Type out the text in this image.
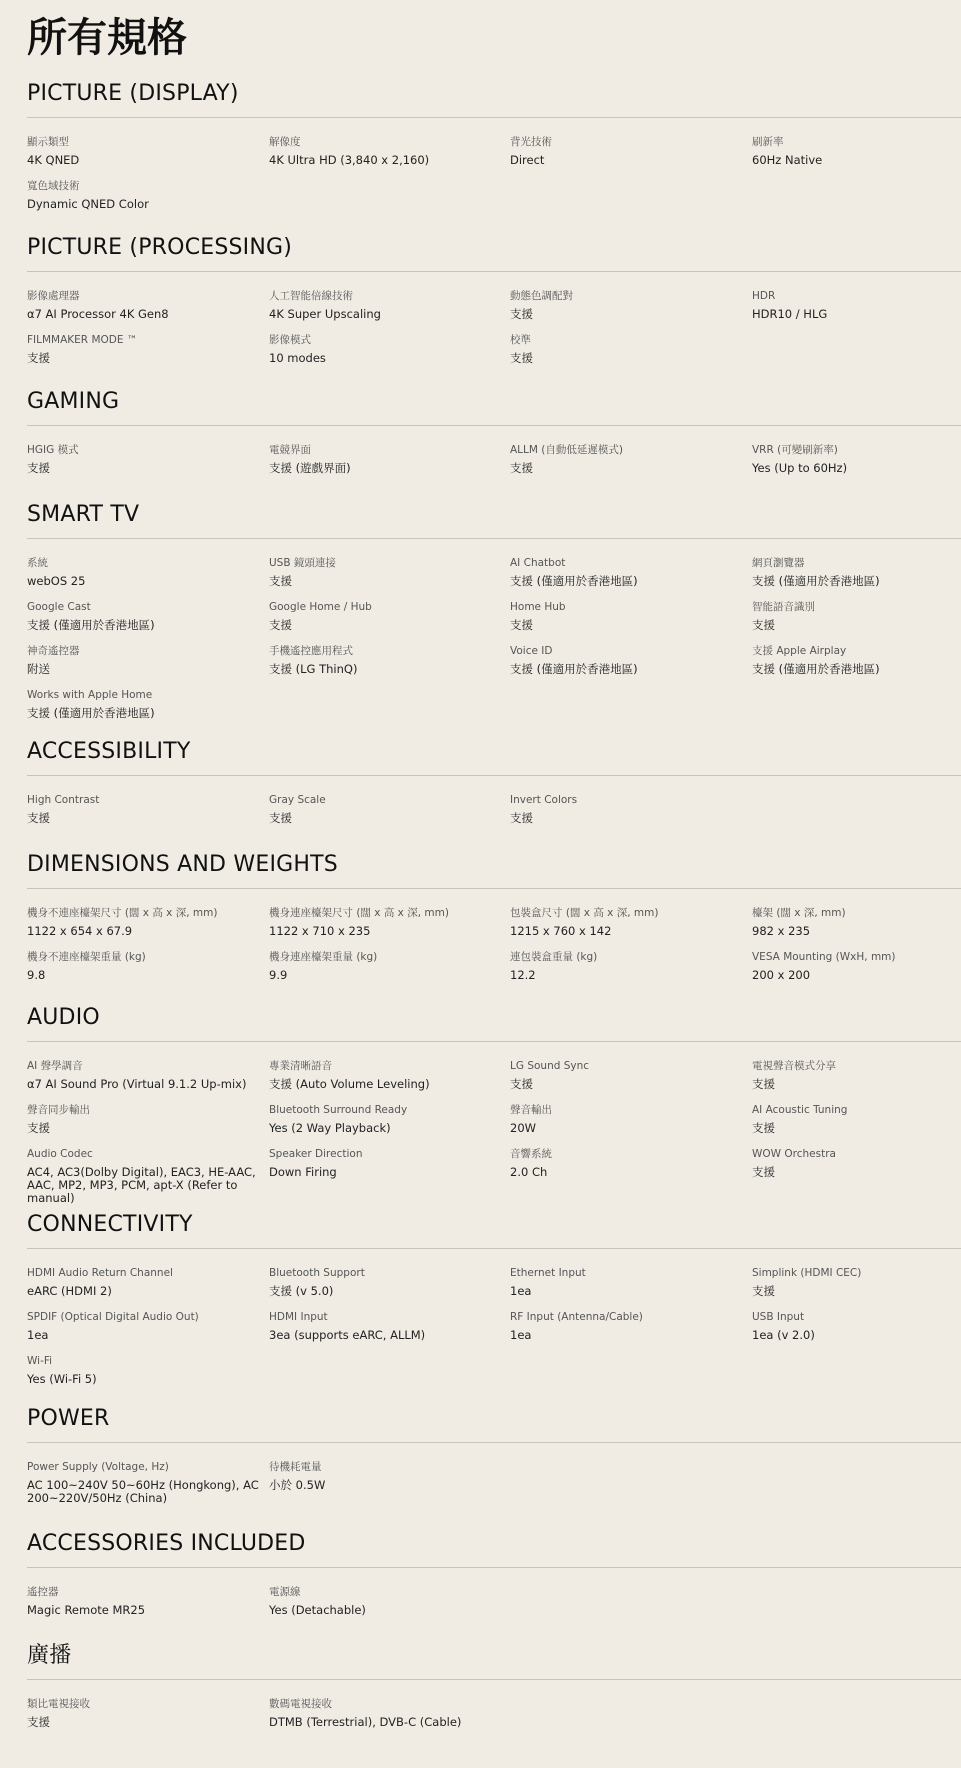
所有規格
PICTURE (DISPLAY)
顯示類型
4K QNED
解像度
4K Ultra HD (3,840 x 2,160)
背光技術
Direct
刷新率
60Hz Native
寬色域技術
Dynamic QNED Color
PICTURE (PROCESSING)
影像處理器
α7 AI Processor 4K Gen8
人工智能倍線技術
4K Super Upscaling
動態色調配對
支援
HDR
HDR10 / HLG
FILMMAKER MODE ™
支援
影像模式
10 modes
校準
支援
GAMING
HGIG 模式
支援
電競界面
支援 (遊戲界面)
ALLM (自動低延遲模式)
支援
VRR (可變刷新率)
Yes (Up to 60Hz)
SMART TV
系統
webOS 25
USB 鏡頭連接
支援
AI Chatbot
支援 (僅適用於香港地區)
網頁瀏覽器
支援 (僅適用於香港地區)
Google Cast
支援 (僅適用於香港地區)
Google Home / Hub
支援
Home Hub
支援
智能語音識別
支援
神奇遙控器
附送
手機遙控應用程式
支援 (LG ThinQ)
Voice ID
支援 (僅適用於香港地區)
支援 Apple Airplay
支援 (僅適用於香港地區)
Works with Apple Home
支援 (僅適用於香港地區)
ACCESSIBILITY
High Contrast
支援
Gray Scale
支援
Invert Colors
支援
DIMENSIONS AND WEIGHTS
機身不連座檯架尺寸 (闊 x 高 x 深, mm)
1122 x 654 x 67.9
機身連座檯架尺寸 (闊 x 高 x 深, mm)
1122 x 710 x 235
包裝盒尺寸 (闊 x 高 x 深, mm)
1215 x 760 x 142
檯架 (闊 x 深, mm)
982 x 235
機身不連座檯架重量 (kg)
9.8
機身連座檯架重量 (kg)
9.9
連包裝盒重量 (kg)
12.2
VESA Mounting (WxH, mm)
200 x 200
AUDIO
AI 聲學調音
α7 AI Sound Pro (Virtual 9.1.2 Up-mix)
專業清晰語音
支援 (Auto Volume Leveling)
LG Sound Sync
支援
電視聲音模式分享
支援
聲音同步輸出
支援
Bluetooth Surround Ready
Yes (2 Way Playback)
聲音輸出
20W
AI Acoustic Tuning
支援
Audio Codec
AC4, AC3(Dolby Digital), EAC3, HE-AAC, AAC, MP2, MP3, PCM, apt-X (Refer to manual)
Speaker Direction
Down Firing
音響系統
2.0 Ch
WOW Orchestra
支援
CONNECTIVITY
HDMI Audio Return Channel
eARC (HDMI 2)
Bluetooth Support
支援 (v 5.0)
Ethernet Input
1ea
Simplink (HDMI CEC)
支援
SPDIF (Optical Digital Audio Out)
1ea
HDMI Input
3ea (supports eARC, ALLM)
RF Input (Antenna/Cable)
1ea
USB Input
1ea (v 2.0)
Wi-Fi
Yes (Wi-Fi 5)
POWER
Power Supply (Voltage, Hz)
AC 100~240V 50~60Hz (Hongkong), AC 200~220V/50Hz (China)
待機耗電量
小於 0.5W
ACCESSORIES INCLUDED
遙控器
Magic Remote MR25
電源線
Yes (Detachable)
廣播
類比電視接收
支援
數碼電視接收
DTMB (Terrestrial), DVB-C (Cable)
